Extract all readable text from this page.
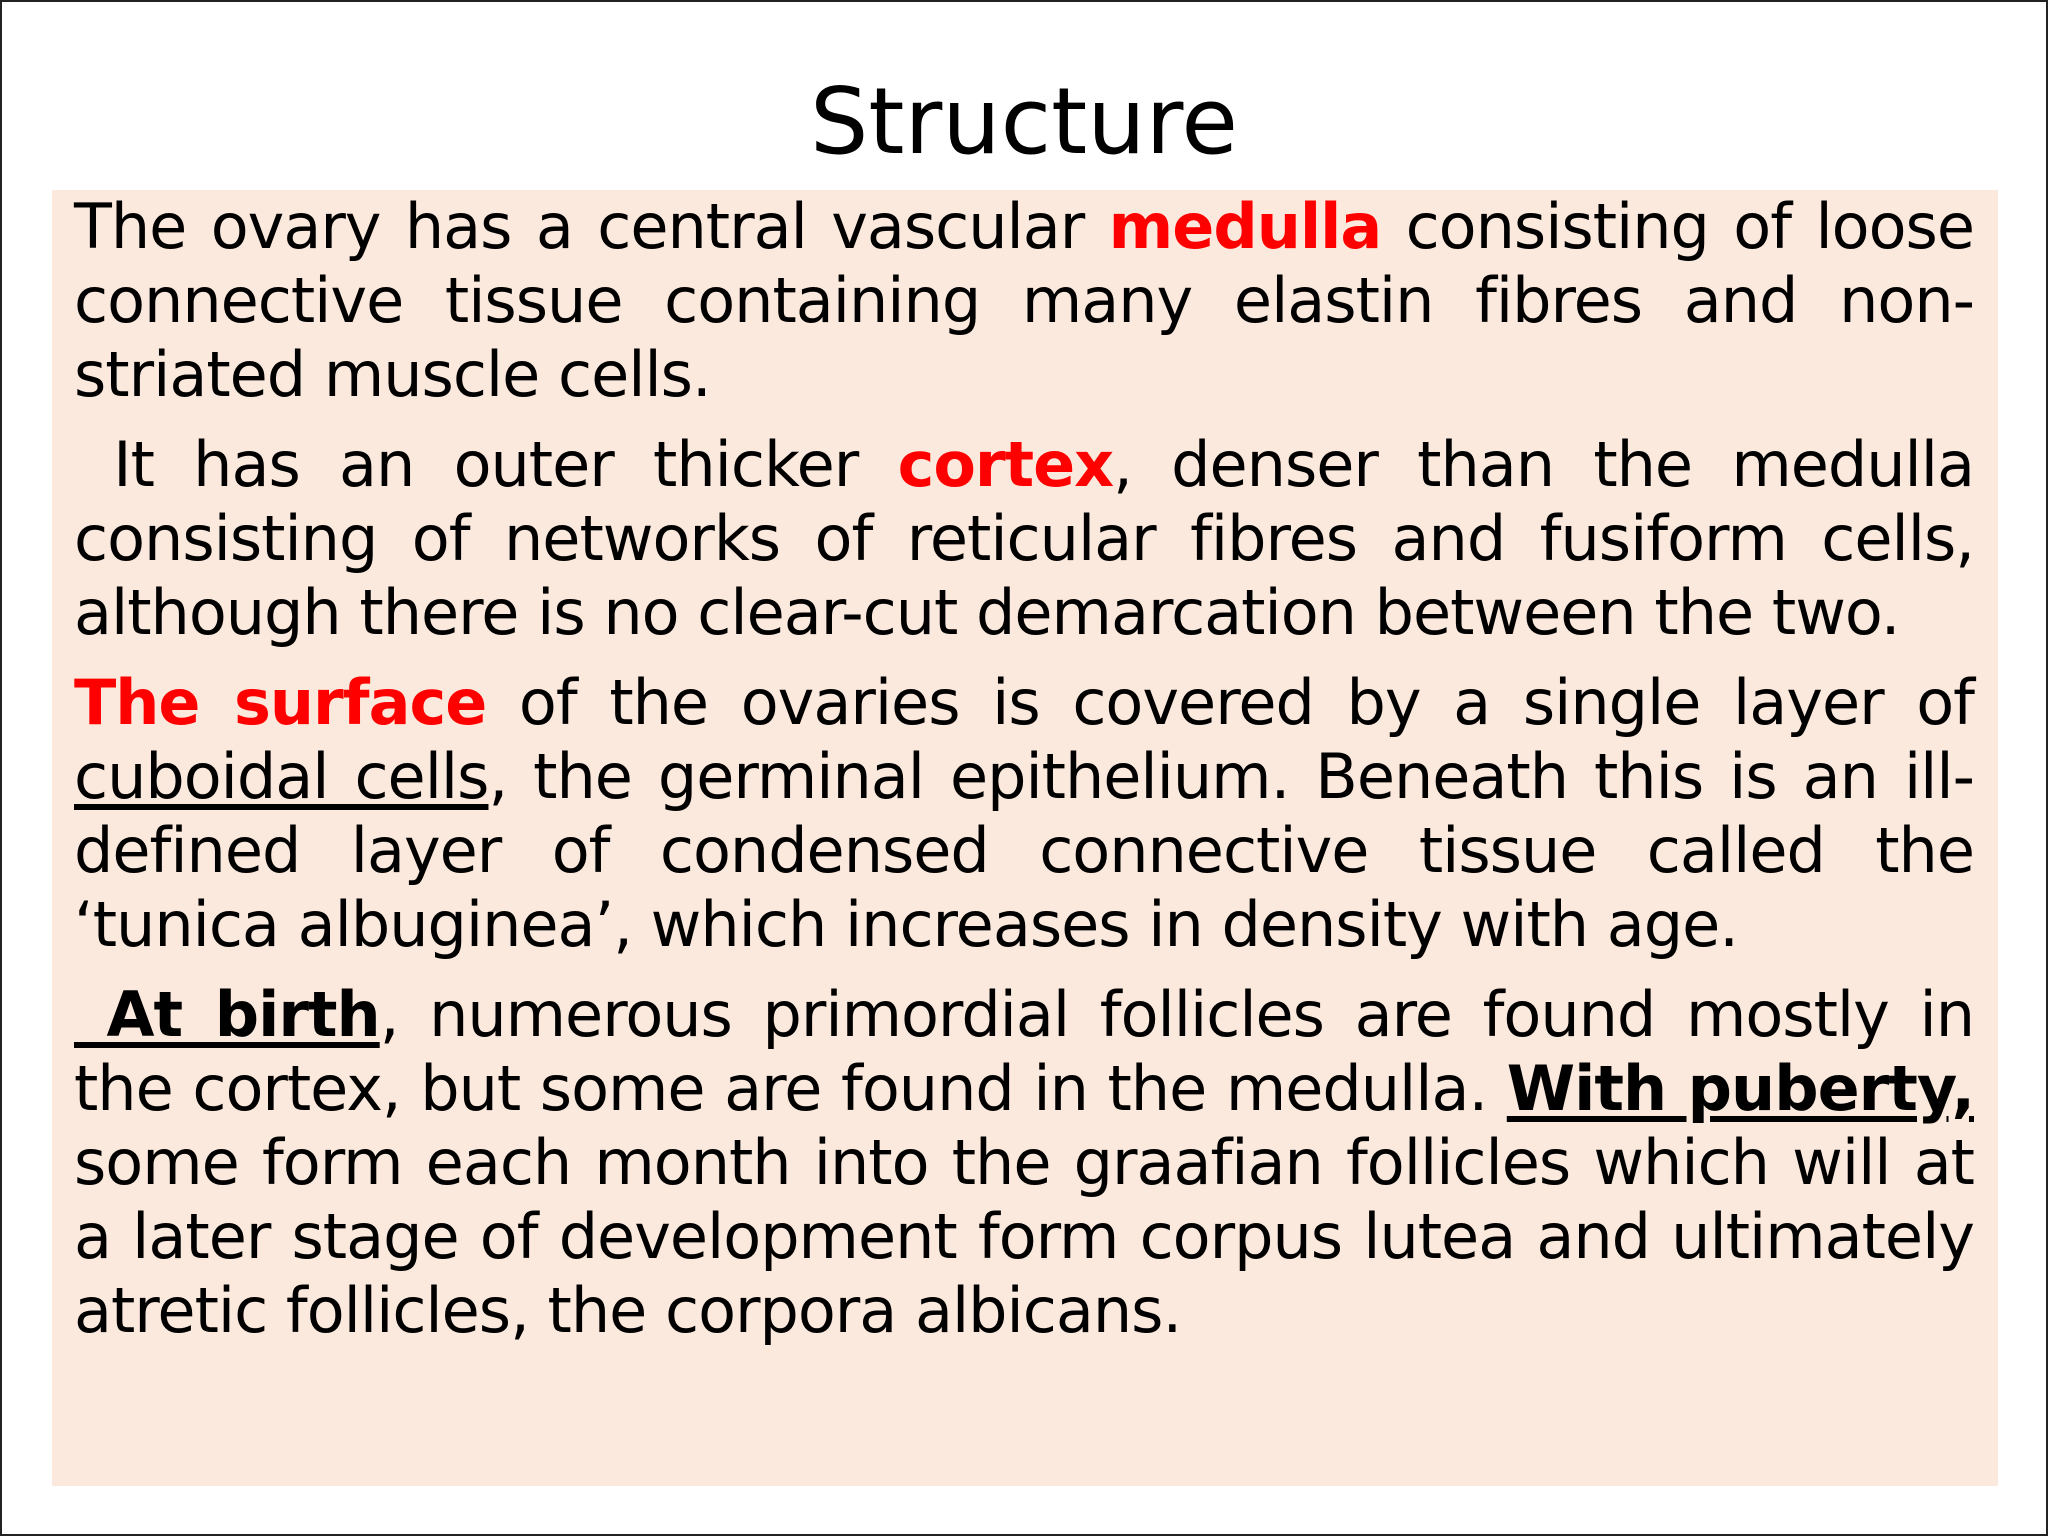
Structure

The ovary has a central vascular medulla consisting of loose connective tissue containing many elastin fibres and non-striated muscle cells.

It has an outer thicker cortex, denser than the medulla consisting of networks of reticular fibres and fusiform cells, although there is no clear-cut demarcation between the two.

The surface of the ovaries is covered by a single layer of cuboidal cells, the germinal epithelium. Beneath this is an ill-defined layer of condensed connective tissue called the ‘tunica albuginea’, which increases in density with age.

At birth, numerous primordial follicles are found mostly in the cortex, but some are found in the medulla. With puberty, some form each month into the graafian follicles which will at a later stage of development form corpus lutea and ultimately atretic follicles, the corpora albicans.
